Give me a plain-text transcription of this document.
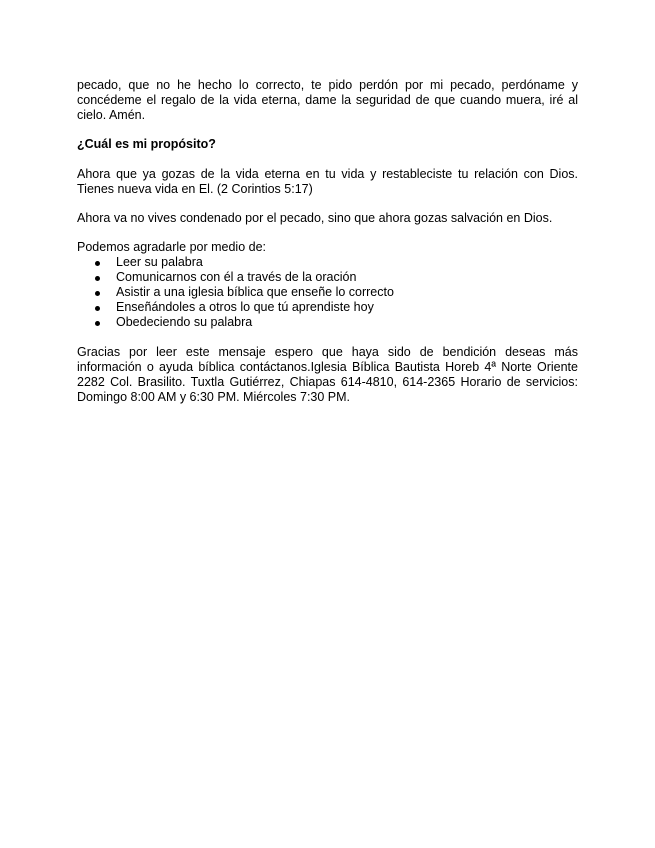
pecado, que no he hecho lo correcto, te pido perdón por mi pecado, perdóname y concédeme el regalo de la vida eterna, dame la seguridad de que cuando muera, iré al cielo. Amén.

¿Cuál es mi propósito?

Ahora que ya gozas de la vida eterna en tu vida y restableciste tu relación con Dios. Tienes nueva vida en El. (2 Corintios 5:17)

Ahora va no vives condenado por el pecado, sino que ahora gozas salvación en Dios.

Podemos agradarle por medio de:

Leer su palabra
Comunicarnos con él a través de la oración
Asistir a una iglesia bíblica que enseñe lo correcto
Enseñándoles a otros lo que tú aprendiste hoy
Obedeciendo su palabra

Gracias por leer este mensaje espero que haya sido de bendición deseas más información o ayuda bíblica contáctanos.Iglesia Bíblica Bautista Horeb 4ª Norte Oriente 2282 Col. Brasilito. Tuxtla Gutiérrez, Chiapas 614-4810, 614-2365 Horario de servicios: Domingo 8:00 AM y 6:30 PM. Miércoles 7:30 PM.
